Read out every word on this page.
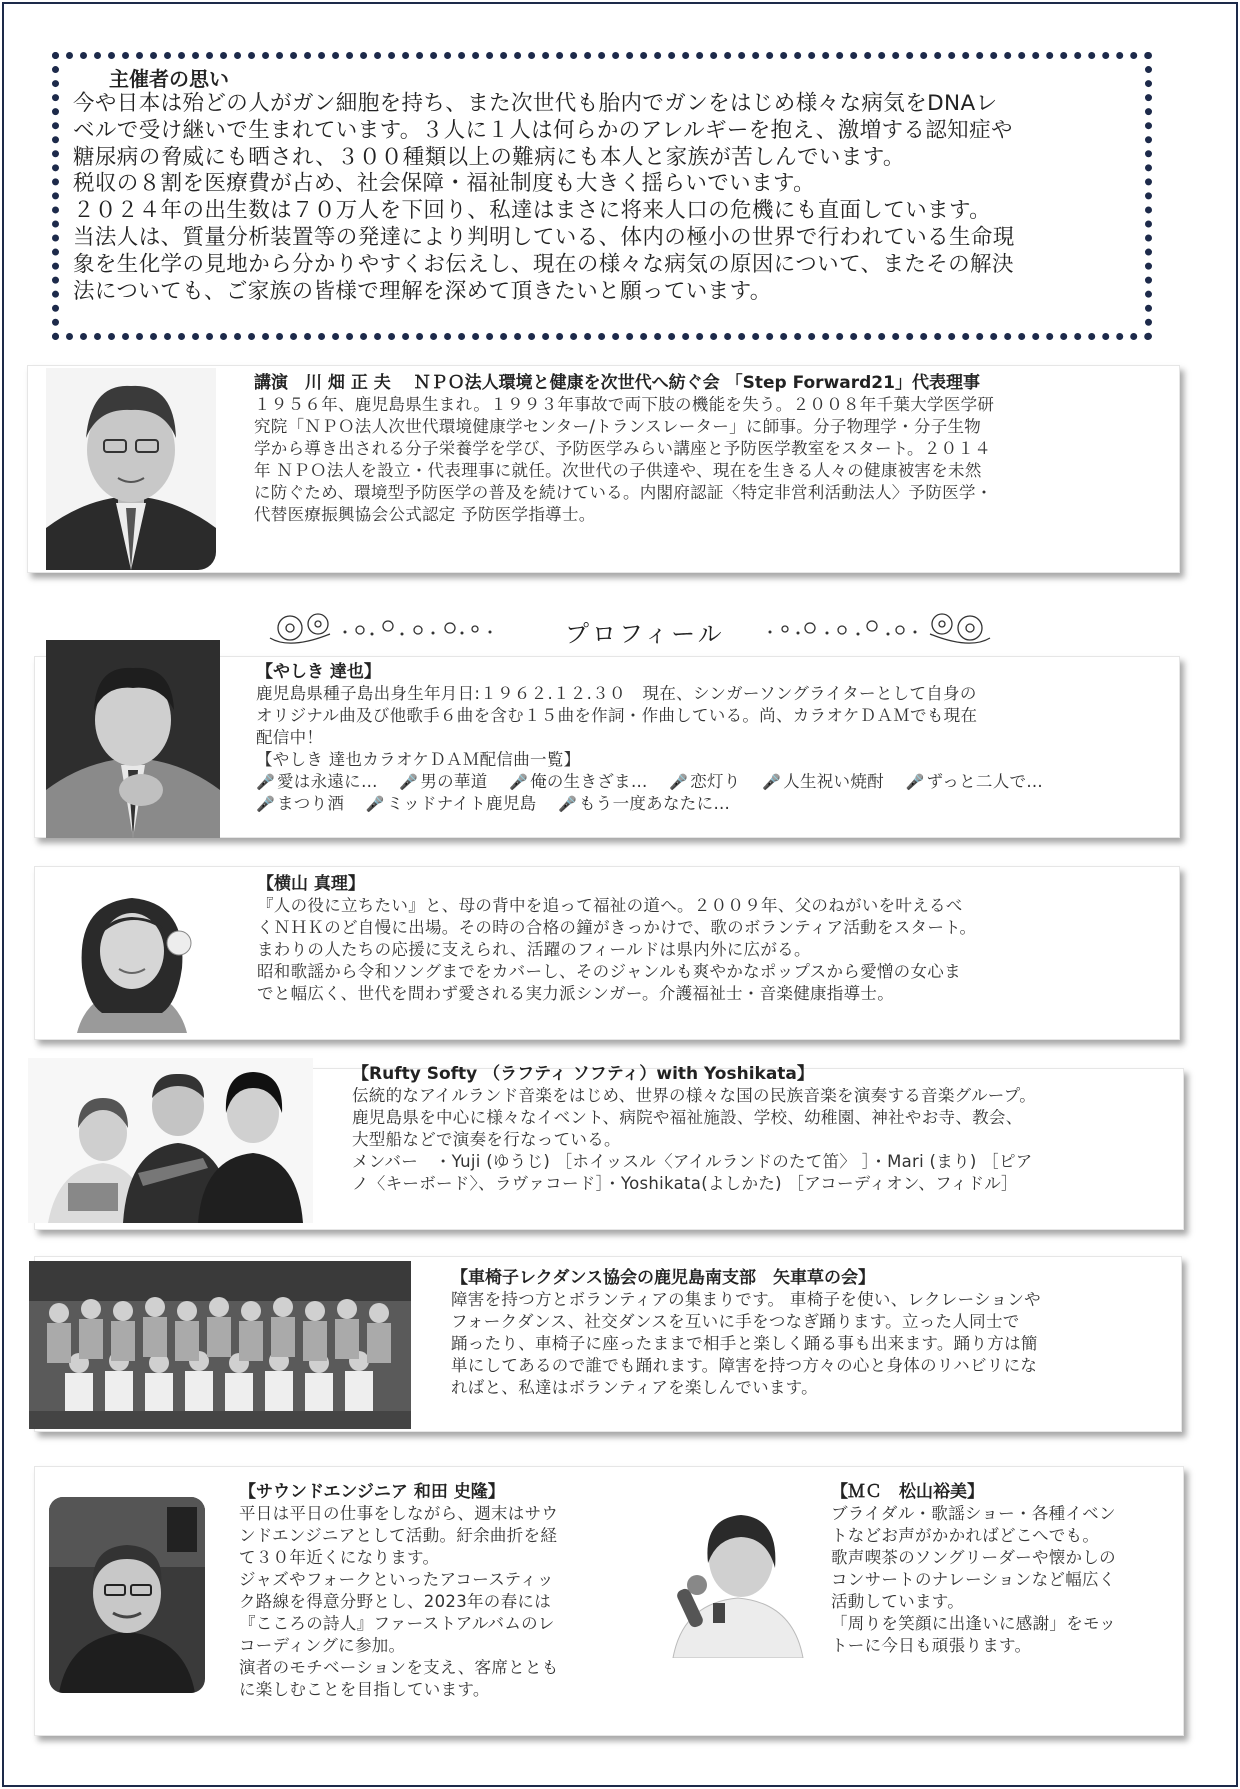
主催者の思い

今や日本は殆どの人がガン細胞を持ち、また次世代も胎内でガンをはじめ様々な病気をDNAレ

ベルで受け継いで生まれています。３人に１人は何らかのアレルギーを抱え、激増する認知症や

糖尿病の脅威にも晒され、３００種類以上の難病にも本人と家族が苦しんでいます。

税収の８割を医療費が占め、社会保障・福祉制度も大きく揺らいでいます。

２０２４年の出生数は７０万人を下回り、私達はまさに将来人口の危機にも直面しています。

当法人は、質量分析装置等の発達により判明している、体内の極小の世界で行われている生命現

象を生化学の見地から分かりやすくお伝えし、現在の様々な病気の原因について、またその解決

法についても、ご家族の皆様で理解を深めて頂きたいと願っています。

講演　川 畑 正 夫　 ＮＰＯ法人環境と健康を次世代へ紡ぐ会 「Step Forward21」代表理事

１９５６年、鹿児島県生まれ。１９９３年事故で両下肢の機能を失う。２００８年千葉大学医学研

究院「ＮＰＯ法人次世代環境健康学センター/トランスレーター」に師事。分子物理学・分子生物

学から導き出される分子栄養学を学び、予防医学みらい講座と予防医学教室をスタート。２０１４

年 ＮＰＯ法人を設立・代表理事に就任。次世代の子供達や、現在を生きる人々の健康被害を未然

に防ぐため、環境型予防医学の普及を続けている。内閣府認証〈特定非営利活動法人〉予防医学・

代替医療振興協会公式認定 予防医学指導士。

プロフィール
【やしき 達也】

鹿児島県種子島出身生年月日:１９６２.１２.３０　現在、シンガーソングライターとして自身の

オリジナル曲及び他歌手６曲を含む１５曲を作詞・作曲している。尚、カラオケＤＡＭでも現在

配信中！

【やしき 達也カラオケＤＡＭ配信曲一覧】

🎤 愛は永遠に… 🎤 男の華道 🎤 俺の生きざま… 🎤 恋灯り 🎤 人生祝い焼酎 🎤 ずっと二人で…

🎤 まつり酒 🎤 ミッドナイト鹿児島 🎤 もう一度あなたに…

【横山 真理】

『人の役に立ちたい』と、母の背中を追って福祉の道へ。２００９年、父のねがいを叶えるべ

くＮＨＫのど自慢に出場。その時の合格の鐘がきっかけで、歌のボランティア活動をスタート。

まわりの人たちの応援に支えられ、活躍のフィールドは県内外に広がる。

昭和歌謡から令和ソングまでをカバーし、そのジャンルも爽やかなポップスから愛憎の女心ま

でと幅広く、世代を問わず愛される実力派シンガー。介護福祉士・音楽健康指導士。

【Rufty Softy （ラフティ ソフティ）with Yoshikata】

伝統的なアイルランド音楽をはじめ、世界の様々な国の民族音楽を演奏する音楽グループ。

鹿児島県を中心に様々なイベント、病院や福祉施設、学校、幼稚園、神社やお寺、教会、

大型船などで演奏を行なっている。

メンバー　・Yuji (ゆうじ) ［ホイッスル〈アイルランドのたて笛〉 ］・Mari (まり) ［ピア

ノ〈キーボード〉、ラヴァコード］・Yoshikata(よしかた) ［アコーディオン、フィドル］

【車椅子レクダンス協会の鹿児島南支部　矢車草の会】

障害を持つ方とボランティアの集まりです。 車椅子を使い、レクレーションや

フォークダンス、社交ダンスを互いに手をつなぎ踊ります。立った人同士で

踊ったり、車椅子に座ったままで相手と楽しく踊る事も出来ます。踊り方は簡

単にしてあるので誰でも踊れます。障害を持つ方々の心と身体のリハビリにな

ればと、私達はボランティアを楽しんでいます。

【サウンドエンジニア 和田 史隆】

平日は平日の仕事をしながら、週末はサウ

ンドエンジニアとして活動。紆余曲折を経

て３０年近くになります。

ジャズやフォークといったアコースティッ

ク路線を得意分野とし、2023年の春には

『こころの詩人』ファーストアルバムのレ

コーディングに参加。

演者のモチベーションを支え、客席ととも

に楽しむことを目指しています。

【ＭＣ　松山裕美】

ブライダル・歌謡ショー・各種イベン

トなどお声がかかればどこへでも。

歌声喫茶のソングリーダーや懐かしの

コンサートのナレーションなど幅広く

活動しています。

「周りを笑顔に出逢いに感謝」をモッ

トーに今日も頑張ります。
